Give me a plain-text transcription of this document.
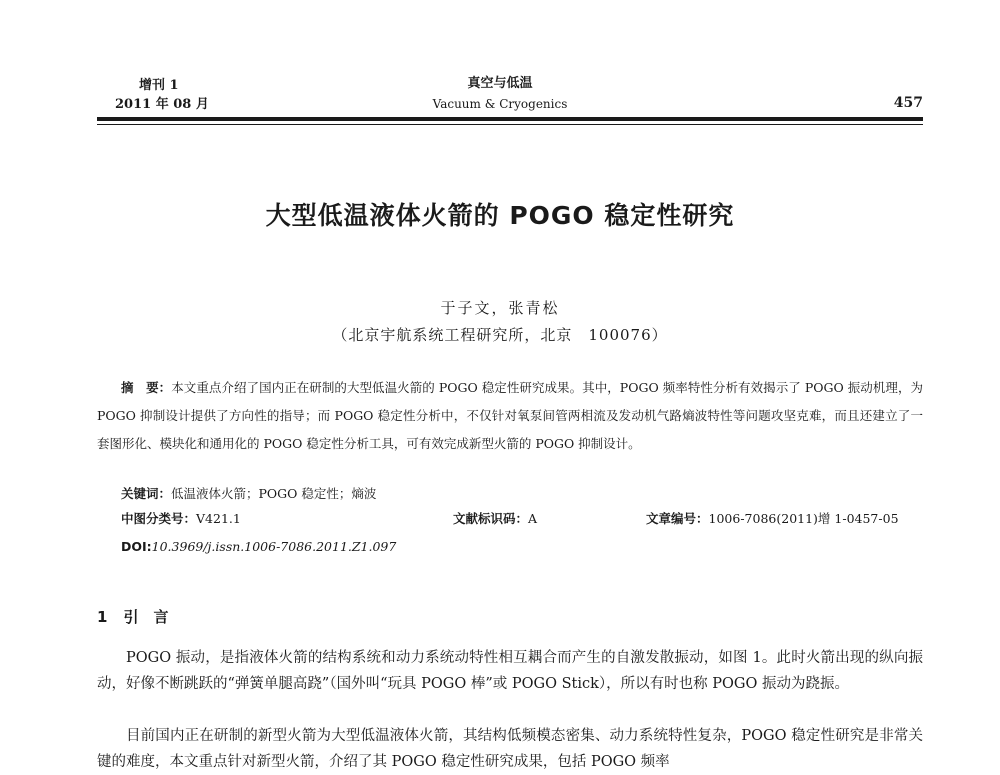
增刊 1
2011 年 08 月
真空与低温
Vacuum & Cryogenics	457
大型低温液体火箭的 POGO 稳定性研究
于子文，张青松
（北京宇航系统工程研究所，北京　100076）
摘　要：本文重点介绍了国内正在研制的大型低温火箭的 POGO 稳定性研究成果。其中，POGO 频率特性分析有效揭示了 POGO 振动机理，为 POGO 抑制设计提供了方向性的指导；而 POGO 稳定性分析中，不仅针对氧泵间管两相流及发动机气路熵波特性等问题攻坚克难，而且还建立了一套图形化、模块化和通用化的 POGO 稳定性分析工具，可有效完成新型火箭的 POGO 抑制设计。
关键词：低温液体火箭；POGO 稳定性；熵波
中图分类号：V421.1	文献标识码：A	文章编号：1006-7086(2011)增 1-0457-05
DOI:10.3969/j.issn.1006-7086.2011.Z1.097
1 引　言
POGO 振动，是指液体火箭的结构系统和动力系统动特性相互耦合而产生的自激发散振动，如图 1。此时火箭出现的纵向振动，好像不断跳跃的“弹簧单腿高跷”（国外叫“玩具 POGO 棒”或 POGO Stick），所以有时也称 POGO 振动为跷振。
目前国内正在研制的新型火箭为大型低温液体火箭，其结构低频模态密集、动力系统特性复杂，POGO 稳定性研究是非常关键的难度，本文重点针对新型火箭，介绍了其 POGO 稳定性研究成果，包括 POGO 频率
